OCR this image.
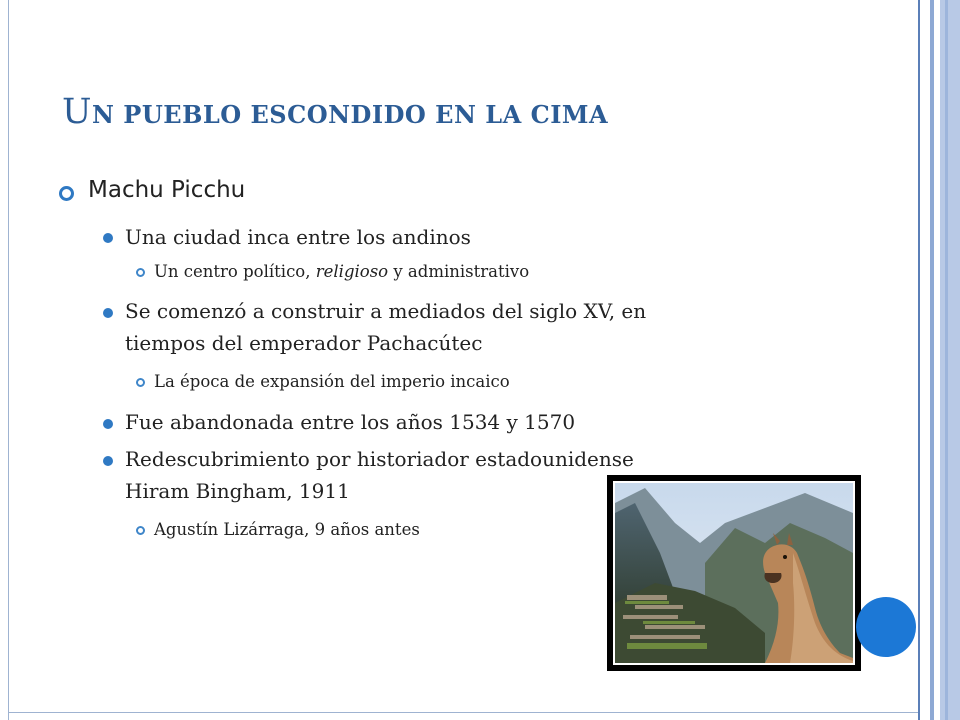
UN PUEBLO ESCONDIDO EN LA CIMA
Machu Picchu
Una ciudad inca entre los andinos
Un centro político, religioso y administrativo
Se comenzó a construir a mediados del siglo XV, en
tiempos del emperador Pachacútec
La época de expansión del imperio incaico
Fue abandonada entre los años 1534 y 1570
Redescubrimiento por historiador estadounidense
Hiram Bingham, 1911
Agustín Lizárraga, 9 años antes
